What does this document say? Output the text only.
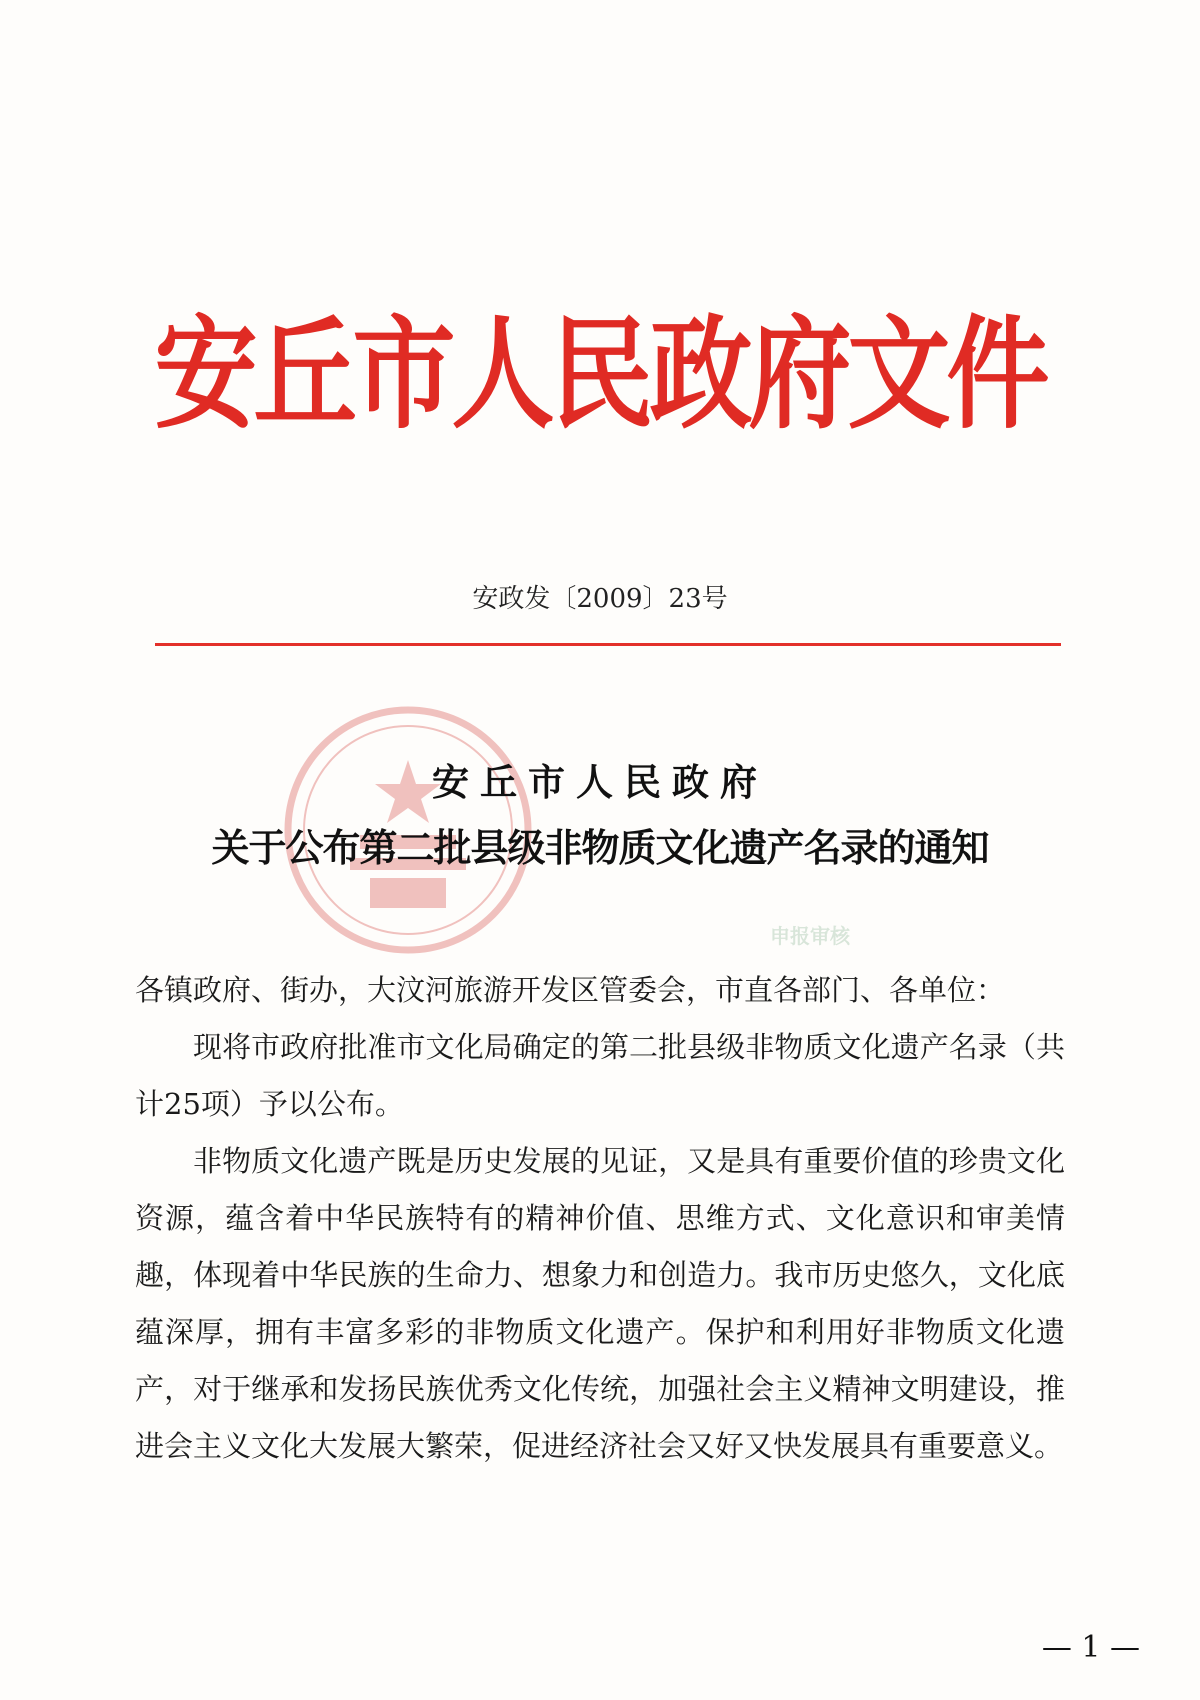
安丘市人民政府文件
安政发〔2009〕23号
申报审核
安丘市人民政府
关于公布第二批县级非物质文化遗产名录的通知

各镇政府、街办，大汶河旅游开发区管委会，市直各部门、各单位：

现将市政府批准市文化局确定的第二批县级非物质文化遗产名录（共计25项）予以公布。

非物质文化遗产既是历史发展的见证，又是具有重要价值的珍贵文化资源，蕴含着中华民族特有的精神价值、思维方式、文化意识和审美情趣，体现着中华民族的生命力、想象力和创造力。我市历史悠久，文化底蕴深厚，拥有丰富多彩的非物质文化遗产。保护和利用好非物质文化遗产，对于继承和发扬民族优秀文化传统，加强社会主义精神文明建设，推进会主义文化大发展大繁荣，促进经济社会又好又快发展具有重要意义。

— 1 —
